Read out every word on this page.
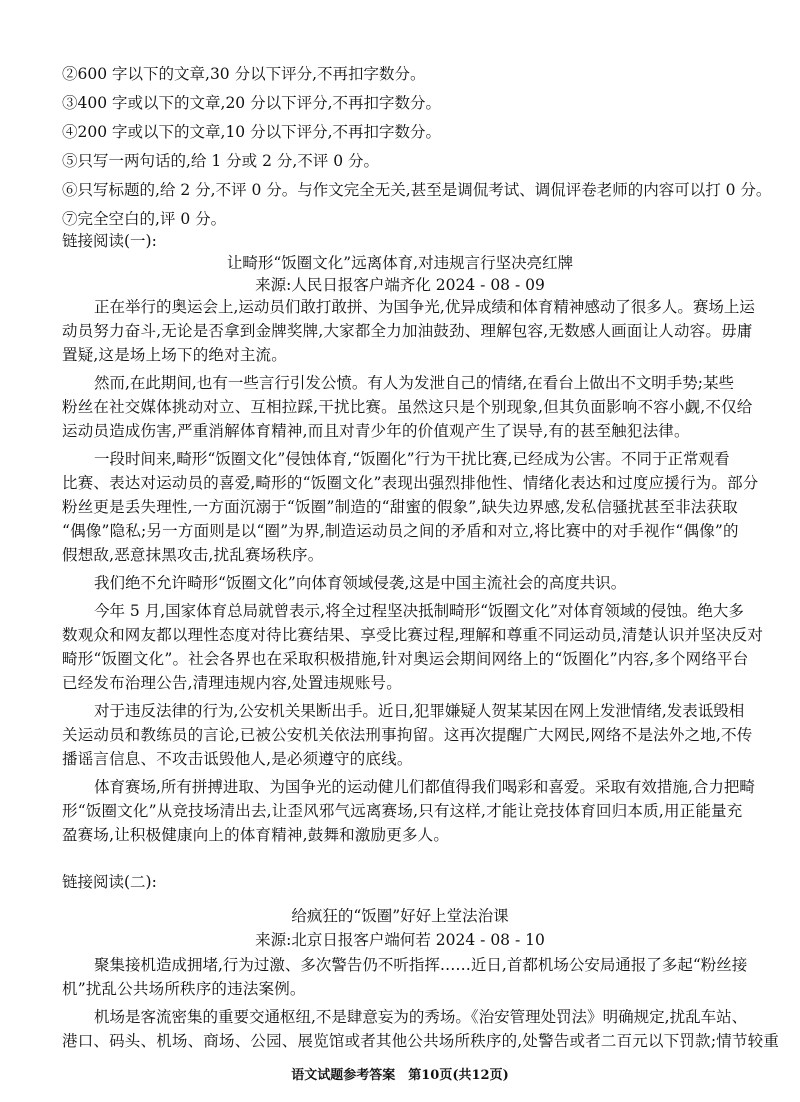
②600 字以下的文章,30 分以下评分,不再扣字数分。
③400 字或以下的文章,20 分以下评分,不再扣字数分。
④200 字或以下的文章,10 分以下评分,不再扣字数分。
⑤只写一两句话的,给 1 分或 2 分,不评 0 分。
⑥只写标题的,给 2 分,不评 0 分。与作文完全无关,甚至是调侃考试、调侃评卷老师的内容可以打 0 分。
⑦完全空白的,评 0 分。
链接阅读(一):
让畸形“饭圈文化”远离体育,对违规言行坚决亮红牌
来源:人民日报客户端齐化 2024 - 08 - 09
正在举行的奥运会上,运动员们敢打敢拼、为国争光,优异成绩和体育精神感动了很多人。赛场上运
动员努力奋斗,无论是否拿到金牌奖牌,大家都全力加油鼓劲、理解包容,无数感人画面让人动容。毋庸
置疑,这是场上场下的绝对主流。
然而,在此期间,也有一些言行引发公愤。有人为发泄自己的情绪,在看台上做出不文明手势;某些
粉丝在社交媒体挑动对立、互相拉踩,干扰比赛。虽然这只是个别现象,但其负面影响不容小觑,不仅给
运动员造成伤害,严重消解体育精神,而且对青少年的价值观产生了误导,有的甚至触犯法律。
一段时间来,畸形“饭圈文化”侵蚀体育,“饭圈化”行为干扰比赛,已经成为公害。不同于正常观看
比赛、表达对运动员的喜爱,畸形的“饭圈文化”表现出强烈排他性、情绪化表达和过度应援行为。部分
粉丝更是丢失理性,一方面沉溺于“饭圈”制造的“甜蜜的假象”,缺失边界感,发私信骚扰甚至非法获取
“偶像”隐私;另一方面则是以“圈”为界,制造运动员之间的矛盾和对立,将比赛中的对手视作“偶像”的
假想敌,恶意抹黑攻击,扰乱赛场秩序。
我们绝不允许畸形“饭圈文化”向体育领域侵袭,这是中国主流社会的高度共识。
今年 5 月,国家体育总局就曾表示,将全过程坚决抵制畸形“饭圈文化”对体育领域的侵蚀。绝大多
数观众和网友都以理性态度对待比赛结果、享受比赛过程,理解和尊重不同运动员,清楚认识并坚决反对
畸形“饭圈文化”。社会各界也在采取积极措施,针对奥运会期间网络上的“饭圈化”内容,多个网络平台
已经发布治理公告,清理违规内容,处置违规账号。
对于违反法律的行为,公安机关果断出手。近日,犯罪嫌疑人贺某某因在网上发泄情绪,发表诋毁相
关运动员和教练员的言论,已被公安机关依法刑事拘留。这再次提醒广大网民,网络不是法外之地,不传
播谣言信息、不攻击诋毁他人,是必须遵守的底线。
体育赛场,所有拼搏进取、为国争光的运动健儿们都值得我们喝彩和喜爱。采取有效措施,合力把畸
形“饭圈文化”从竞技场清出去,让歪风邪气远离赛场,只有这样,才能让竞技体育回归本质,用正能量充
盈赛场,让积极健康向上的体育精神,鼓舞和激励更多人。
链接阅读(二):
给疯狂的“饭圈”好好上堂法治课
来源:北京日报客户端何若 2024 - 08 - 10
聚集接机造成拥堵,行为过激、多次警告仍不听指挥……近日,首都机场公安局通报了多起“粉丝接
机”扰乱公共场所秩序的违法案例。
机场是客流密集的重要交通枢纽,不是肆意妄为的秀场。《治安管理处罚法》明确规定,扰乱车站、
港口、码头、机场、商场、公园、展览馆或者其他公共场所秩序的,处警告或者二百元以下罚款;情节较重
语文试题参考答案　第10页(共12页)
